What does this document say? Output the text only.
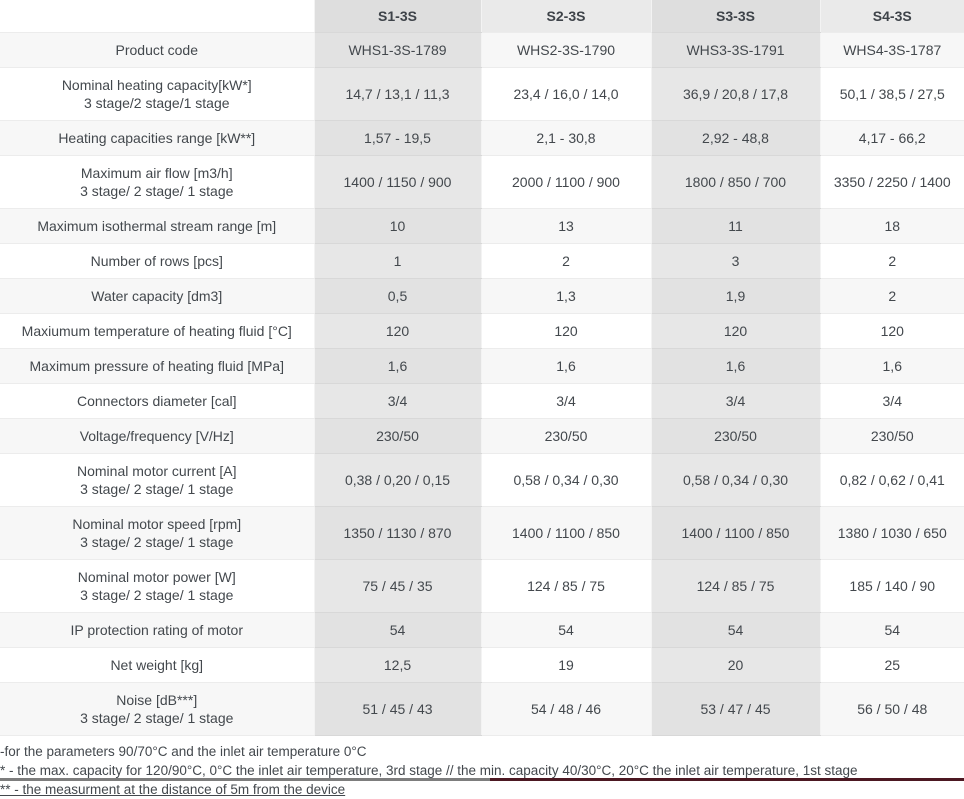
	S1-3S	S2-3S	S3-3S	S4-3S

Product code	WHS1-3S-1789	WHS2-3S-1790	WHS3-3S-1791	WHS4-3S-1787

Nominal heating capacity[kW*]
3 stage/2 stage/1 stage	14,7 / 13,1 / 11,3	23,4 / 16,0 / 14,0	36,9 / 20,8 / 17,8	50,1 / 38,5 / 27,5

Heating capacities range [kW**]	1,57 - 19,5	2,1 - 30,8	2,92 - 48,8	4,17 - 66,2

Maximum air flow [m3/h]
3 stage/ 2 stage/ 1 stage	1400 / 1150 / 900	2000 / 1100 / 900	1800 / 850 / 700	3350 / 2250 / 1400

Maximum isothermal stream range [m]	10	13	11	18

Number of rows [pcs]	1	2	3	2

Water capacity [dm3]	0,5	1,3	1,9	2

Maxiumum temperature of heating fluid [°C]	120	120	120	120

Maximum pressure of heating fluid [MPa]	1,6	1,6	1,6	1,6

Connectors diameter [cal]	3/4	3/4	3/4	3/4

Voltage/frequency [V/Hz]	230/50	230/50	230/50	230/50

Nominal motor current [A]
3 stage/ 2 stage/ 1 stage	0,38 / 0,20 / 0,15	0,58 / 0,34 / 0,30	0,58 / 0,34 / 0,30	0,82 / 0,62 / 0,41

Nominal motor speed [rpm]
3 stage/ 2 stage/ 1 stage	1350 / 1130 / 870	1400 / 1100 / 850	1400 / 1100 / 850	1380 / 1030 / 650

Nominal motor power [W]
3 stage/ 2 stage/ 1 stage	75 / 45 / 35	124 / 85 / 75	124 / 85 / 75	185 / 140 / 90

IP protection rating of motor	54	54	54	54

Net weight [kg]	12,5	19	20	25

Noise [dB***]
3 stage/ 2 stage/ 1 stage	51 / 45 / 43	54 / 48 / 46	53 / 47 / 45	56 / 50 / 48
-for the parameters 90/70°C and the inlet air temperature 0°C
* - the max. capacity for 120/90°C, 0°C the inlet air temperature, 3rd stage // the min. capacity 40/30°C, 20°C the inlet air temperature, 1st stage
** - the measurment at the distance of 5m from the device
